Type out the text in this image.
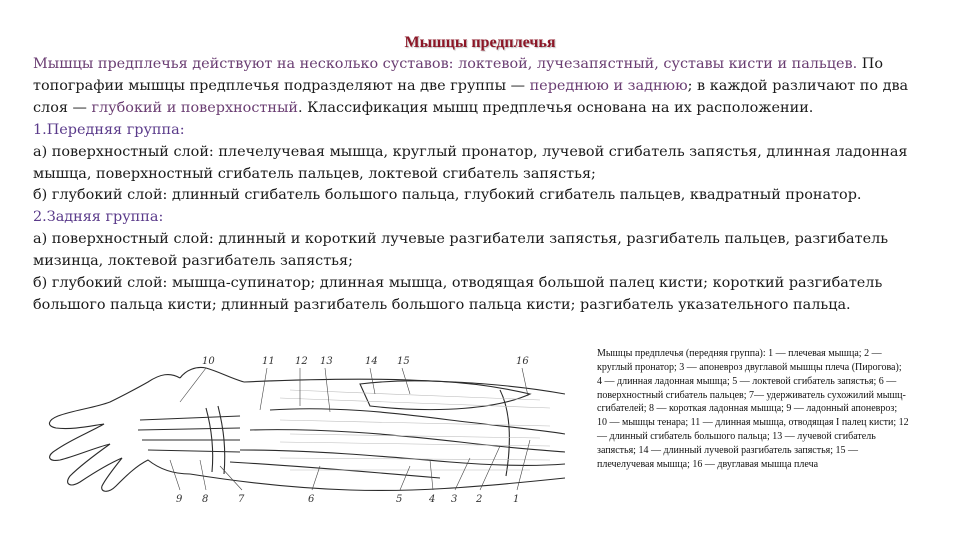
Мышцы предплечья

Мышцы предплечья действуют на несколько суставов: локтевой, лучезапястный, суставы кисти и пальцев. По топографии мышцы предплечья подразделяют на две группы — переднюю и заднюю; в каждой различают по два слоя — глубокий и поверхностный. Классификация мышц предплечья основана на их расположении.

1.Передняя группа:

а) поверхностный слой: плечелучевая мышца, круглый пронатор, лучевой сгибатель запястья, длинная ладонная мышца, поверхностный сгибатель пальцев, локтевой сгибатель запястья;

б) глубокий слой: длинный сгибатель большого пальца, глубокий сгибатель пальцев, квадратный пронатор.

2.Задняя группа:

а) поверхностный слой: длинный и короткий лучевые разгибатели запястья, разгибатель пальцев, разгибатель мизинца, локтевой разгибатель запястья;

б) глубокий слой: мышца-супинатор; длинная мышца, отводящая большой палец кисти; короткий разгибатель большого пальца кисти; длинный разгибатель большого пальца кисти; разгибатель указательного пальца.

10	11 12 13	14 15	16
9 8	7	6	5	4 3 2	1

Мышцы предплечья (передняя группа): 1 — плечевая мышца; 2 — круглый пронатор; 3 — апоневроз двуглавой мышцы плеча (Пирогова); 4 — длинная ладонная мышца; 5 — локтевой сгибатель запястья; 6 — поверхностный сгибатель пальцев; 7— удерживатель сухожилий мышц-сгибателей; 8 — короткая ладонная мышца; 9 — ладонный апоневроз; 10 — мышцы тенара; 11 — длинная мышца, отводящая I палец кисти; 12 — длинный сгибатель большого пальца; 13 — лучевой сгибатель запястья; 14 — длинный лучевой разгибатель запястья; 15 — плечелучевая мышца; 16 — двуглавая мышца плеча
